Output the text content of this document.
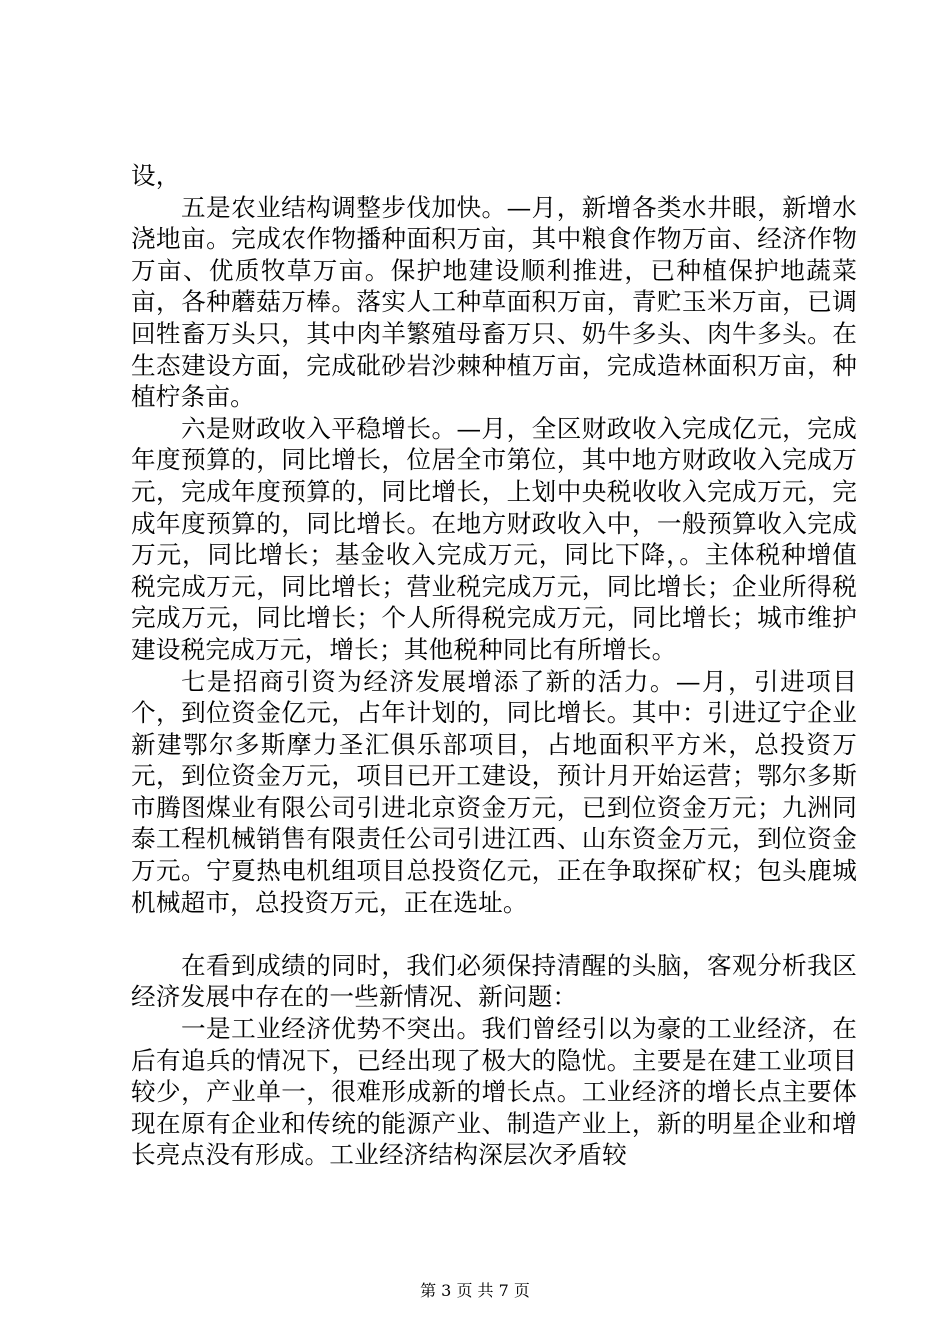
设，

五是农业结构调整步伐加快。—月，新增各类水井眼，新增水浇地亩。完成农作物播种面积万亩，其中粮食作物万亩、经济作物万亩、优质牧草万亩。保护地建设顺利推进，已种植保护地蔬菜亩，各种蘑菇万棒。落实人工种草面积万亩，青贮玉米万亩，已调回牲畜万头只，其中肉羊繁殖母畜万只、奶牛多头、肉牛多头。在生态建设方面，完成砒砂岩沙棘种植万亩，完成造林面积万亩，种植柠条亩。

六是财政收入平稳增长。—月，全区财政收入完成亿元，完成年度预算的，同比增长，位居全市第位，其中地方财政收入完成万元，完成年度预算的，同比增长，上划中央税收收入完成万元，完成年度预算的，同比增长。在地方财政收入中，一般预算收入完成万元，同比增长；基金收入完成万元，同比下降，。主体税种增值税完成万元，同比增长；营业税完成万元，同比增长；企业所得税完成万元，同比增长；个人所得税完成万元，同比增长；城市维护建设税完成万元，增长；其他税种同比有所增长。

七是招商引资为经济发展增添了新的活力。—月，引进项目个，到位资金亿元，占年计划的，同比增长。其中：引进辽宁企业新建鄂尔多斯摩力圣汇俱乐部项目，占地面积平方米，总投资万元，到位资金万元，项目已开工建设，预计月开始运营；鄂尔多斯市腾图煤业有限公司引进北京资金万元，已到位资金万元；九洲同泰工程机械销售有限责任公司引进江西、山东资金万元，到位资金万元。宁夏热电机组项目总投资亿元，正在争取探矿权；包头鹿城机械超市，总投资万元，正在选址。

在看到成绩的同时，我们必须保持清醒的头脑，客观分析我区经济发展中存在的一些新情况、新问题：

一是工业经济优势不突出。我们曾经引以为豪的工业经济，在后有追兵的情况下，已经出现了极大的隐忧。主要是在建工业项目较少，产业单一，很难形成新的增长点。工业经济的增长点主要体现在原有企业和传统的能源产业、制造产业上，新的明星企业和增长亮点没有形成。工业经济结构深层次矛盾较

第 3 页 共 7 页
